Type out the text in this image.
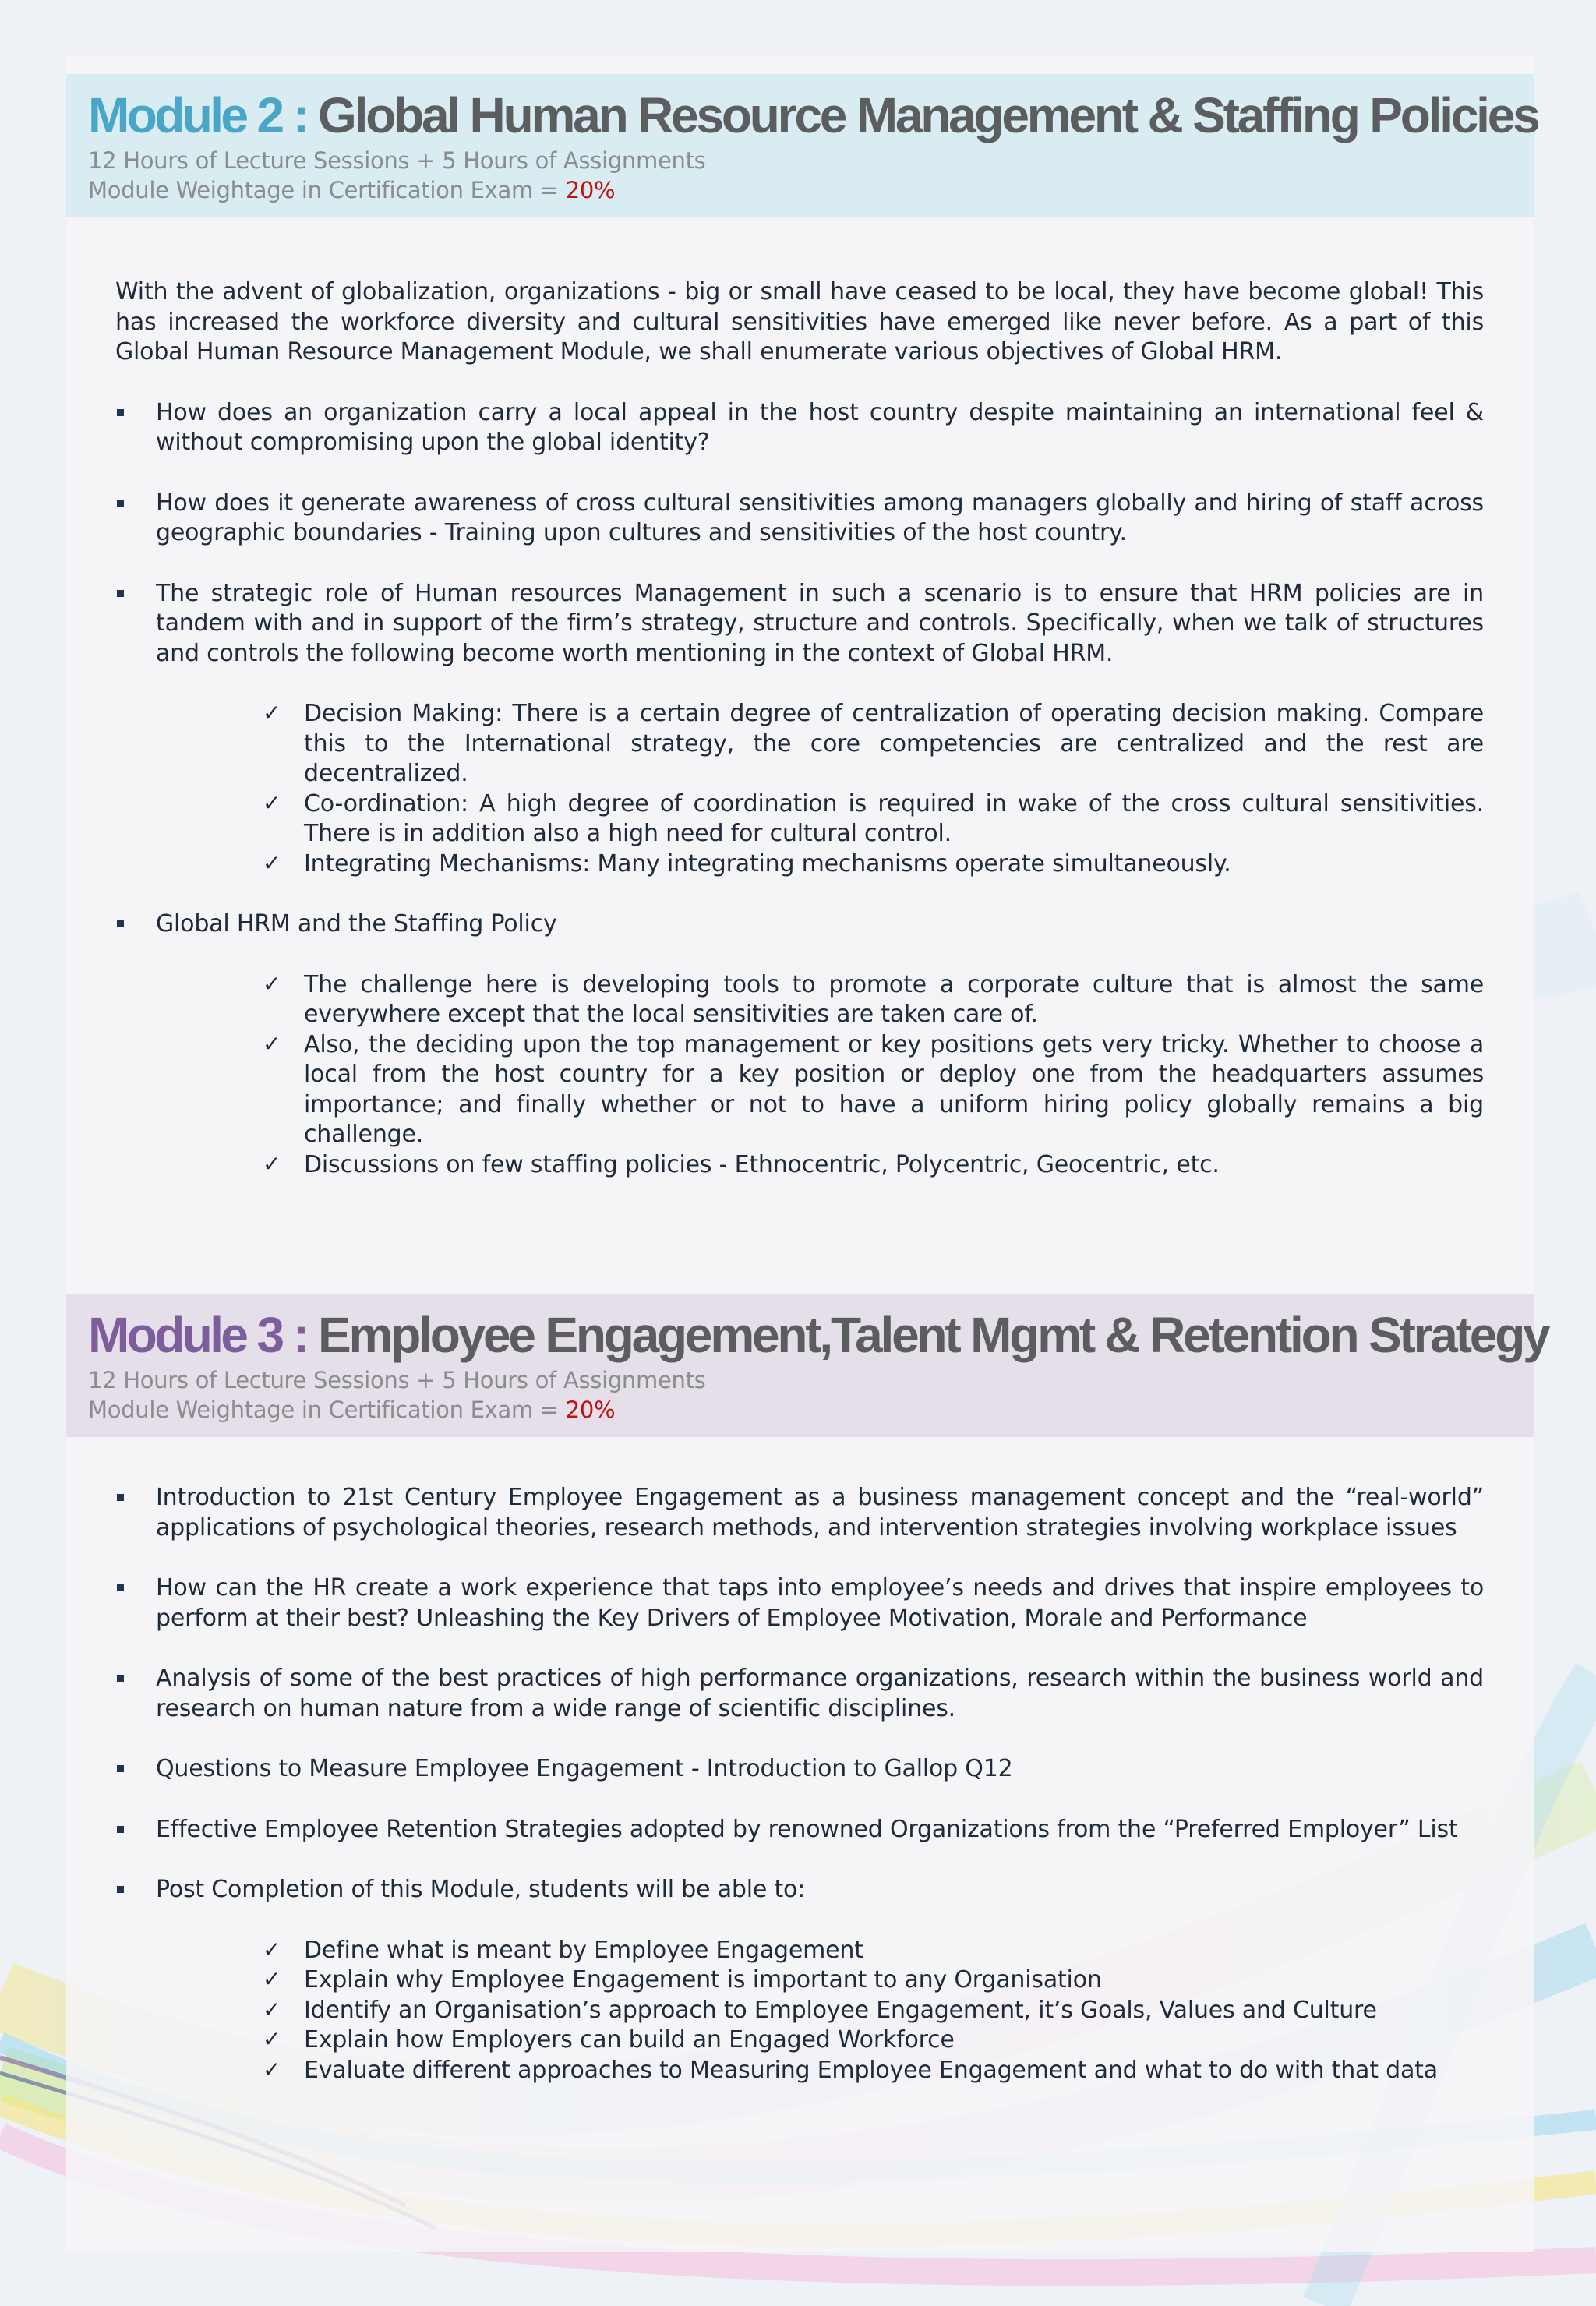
Module 2 : Global Human Resource Management & Staffing Policies
12 Hours of Lecture Sessions + 5 Hours of Assignments
Module Weightage in Certification Exam = 20%

With the advent of globalization, organizations - big or small have ceased to be local, they have become global! This has increased the workforce diversity and cultural sensitivities have emerged like never before. As a part of this Global Human Resource Management Module, we shall enumerate various objectives of Global HRM.

How does an organization carry a local appeal in the host country despite maintaining an international feel & without compromising upon the global identity?
How does it generate awareness of cross cultural sensitivities among managers globally and hiring of staff across geographic boundaries - Training upon cultures and sensitivities of the host country.
The strategic role of Human resources Management in such a scenario is to ensure that HRM policies are in tandem with and in support of the firm’s strategy, structure and controls. Specifically, when we talk of structures and controls the following become worth mentioning in the context of Global HRM.
✓ Decision Making: There is a certain degree of centralization of operating decision making. Compare this to the International strategy, the core competencies are centralized and the rest are decentralized.
✓ Co-ordination: A high degree of coordination is required in wake of the cross cultural sensitivities. There is in addition also a high need for cultural control.
✓ Integrating Mechanisms: Many integrating mechanisms operate simultaneously.
Global HRM and the Staffing Policy
✓ The challenge here is developing tools to promote a corporate culture that is almost the same everywhere except that the local sensitivities are taken care of.
✓ Also, the deciding upon the top management or key positions gets very tricky. Whether to choose a local from the host country for a key position or deploy one from the headquarters assumes importance; and finally whether or not to have a uniform hiring policy globally remains a big challenge.
✓ Discussions on few staffing policies - Ethnocentric, Polycentric, Geocentric, etc.
Module 3 : Employee Engagement,Talent Mgmt & Retention Strategy
12 Hours of Lecture Sessions + 5 Hours of Assignments
Module Weightage in Certification Exam = 20%
Introduction to 21st Century Employee Engagement as a business management concept and the “real-world” applications of psychological theories, research methods, and intervention strategies involving workplace issues
How can the HR create a work experience that taps into employee’s needs and drives that inspire employees to perform at their best? Unleashing the Key Drivers of Employee Motivation, Morale and Performance
Analysis of some of the best practices of high performance organizations, research within the business world and research on human nature from a wide range of scientific disciplines.
Questions to Measure Employee Engagement - Introduction to Gallop Q12
Effective Employee Retention Strategies adopted by renowned Organizations from the “Preferred Employer” List
Post Completion of this Module, students will be able to:
✓ Define what is meant by Employee Engagement
✓ Explain why Employee Engagement is important to any Organisation
✓ Identify an Organisation’s approach to Employee Engagement, it’s Goals, Values and Culture
✓ Explain how Employers can build an Engaged Workforce
✓ Evaluate different approaches to Measuring Employee Engagement and what to do with that data
